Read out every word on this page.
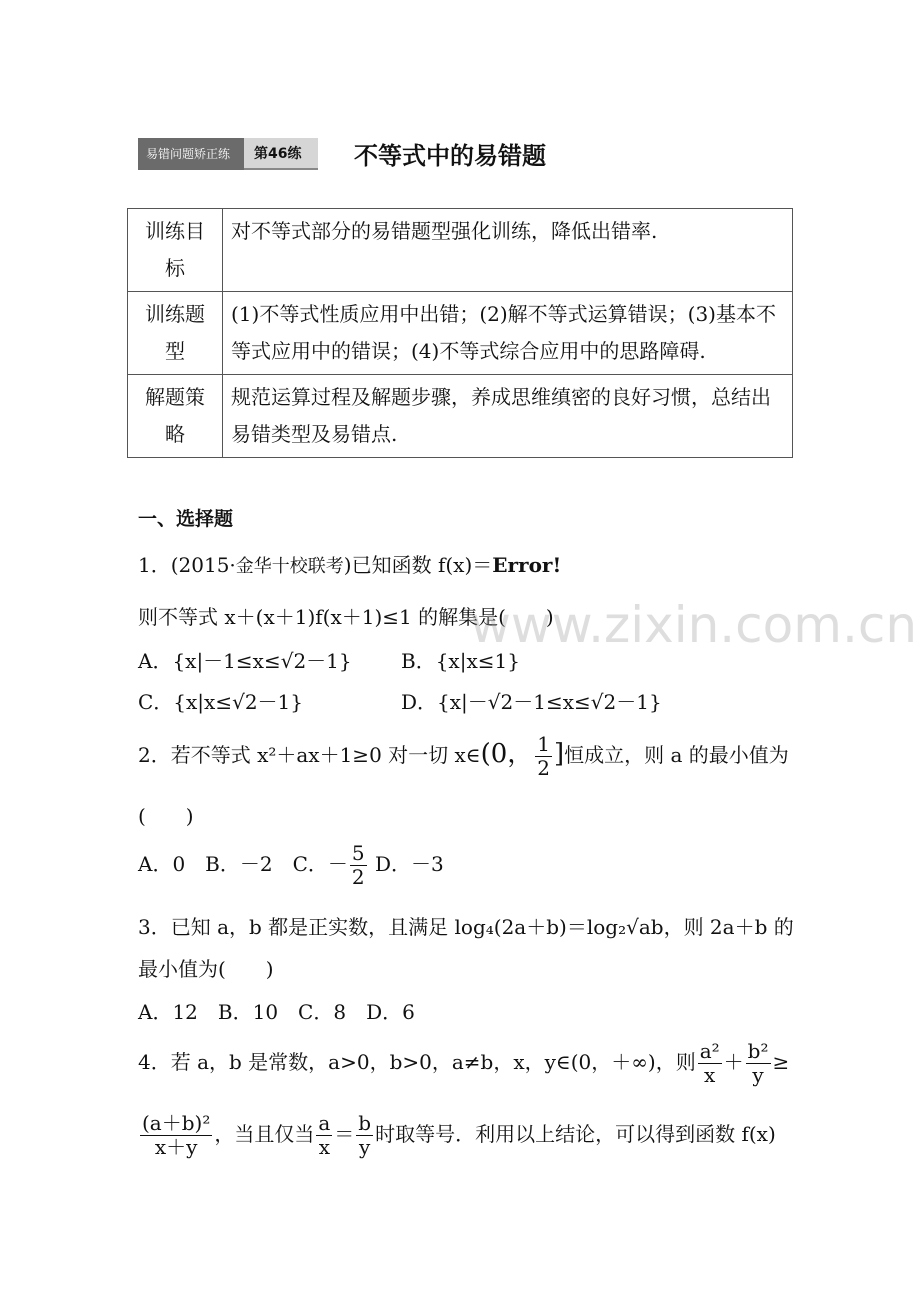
易错问题矫正练	第46练	不等式中的易错题
训练目标	对不等式部分的易错题型强化训练，降低出错率.
训练题型	(1)不等式性质应用中出错；(2)解不等式运算错误；(3)基本不等式应用中的错误；(4)不等式综合应用中的思路障碍.
解题策略	规范运算过程及解题步骤，养成思维缜密的良好习惯，总结出易错类型及易错点.
一、选择题
1．(2015·金华十校联考)已知函数 f(x)＝Error!
则不等式 x＋(x＋1)f(x＋1)≤1 的解集是(　　)
A．{x|－1≤x≤√2－1} B．{x|x≤1}
C．{x|x≤√2－1}	D．{x|－√2－1≤x≤√2－1}
2．若不等式 x²＋ax＋1≥0 对一切 x∈(0， $\frac{1}{2}$ ]恒成立，则 a 的最小值为
(　　)
A．0　B．－2　C．－ $\frac{5}{2}$ D．－3
3．已知 a，b 都是正实数，且满足 log₄(2a＋b)＝log₂√ab，则 2a＋b 的
最小值为(　　)
A．12　B．10　C．8　D．6
4．若 a，b 是常数，a>0，b>0，a≠b，x，y∈(0，＋∞)，则 $\frac{\text{a²}}{x} + \frac{\text{b²}}{y}$ ≥
$\frac{\text{(a＋b)²}}{x+y}$ ，当且仅当 $\frac{a}{x} = \frac{b}{y}$ 时取等号．利用以上结论，可以得到函数 f(x)
www.zixin.com.cn
